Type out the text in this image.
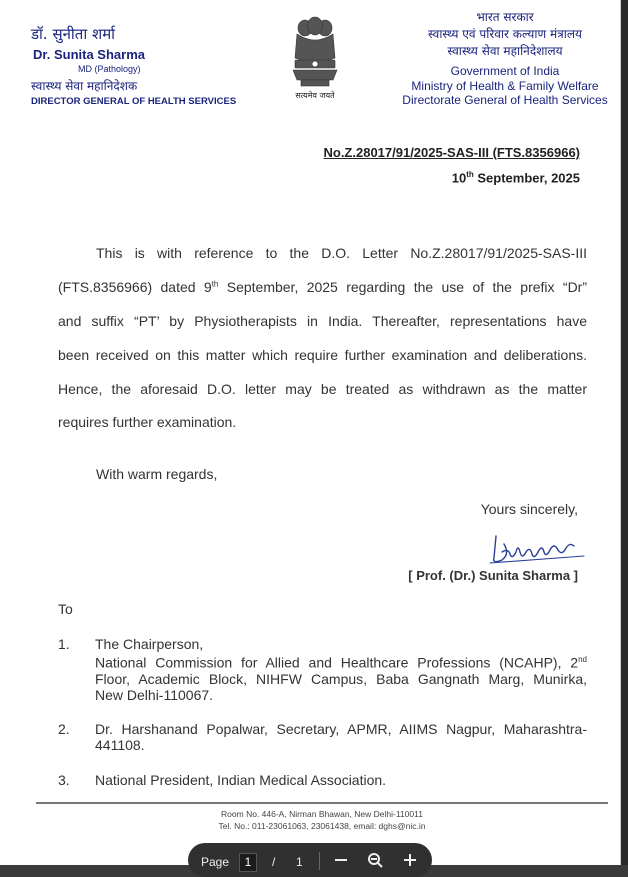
डॉ. सुनीता शर्मा
Dr. Sunita Sharma
MD (Pathology)
स्वास्थ्य सेवा महानिदेशक
DIRECTOR GENERAL OF HEALTH SERVICES
सत्यमेव जयते
भारत सरकार
स्वास्थ्य एवं परिवार कल्याण मंत्रालय
स्वास्थ्य सेवा महानिदेशालय
Government of India
Ministry of Health & Family Welfare
Directorate General of Health Services
No.Z.28017/91/2025-SAS-III (FTS.8356966)
10th September, 2025
This is with reference to the D.O. Letter No.Z.28017/91/2025-SAS-III
(FTS.8356966) dated 9th September, 2025 regarding the use of the prefix “Dr”
and suffix “PT’ by Physiotherapists in India. Thereafter, representations have
been received on this matter which require further examination and deliberations.
Hence, the aforesaid D.O. letter may be treated as withdrawn as the matter
requires further examination.
With warm regards,
Yours sincerely,
[ Prof. (Dr.) Sunita Sharma ]
To
1. The Chairperson,
National Commission for Allied and Healthcare Professions (NCAHP), 2nd
Floor, Academic Block, NIHFW Campus, Baba Gangnath Marg, Munirka,
New Delhi-110067.
2. Dr. Harshanand Popalwar, Secretary, APMR, AIIMS Nagpur, Maharashtra-
441108.
3. National President, Indian Medical Association.
Room No. 446-A, Nirman Bhawan, New Delhi-110011
Tel. No.: 011-23061063, 23061438, email: dghs@nic.in
Page	1	/ 1
